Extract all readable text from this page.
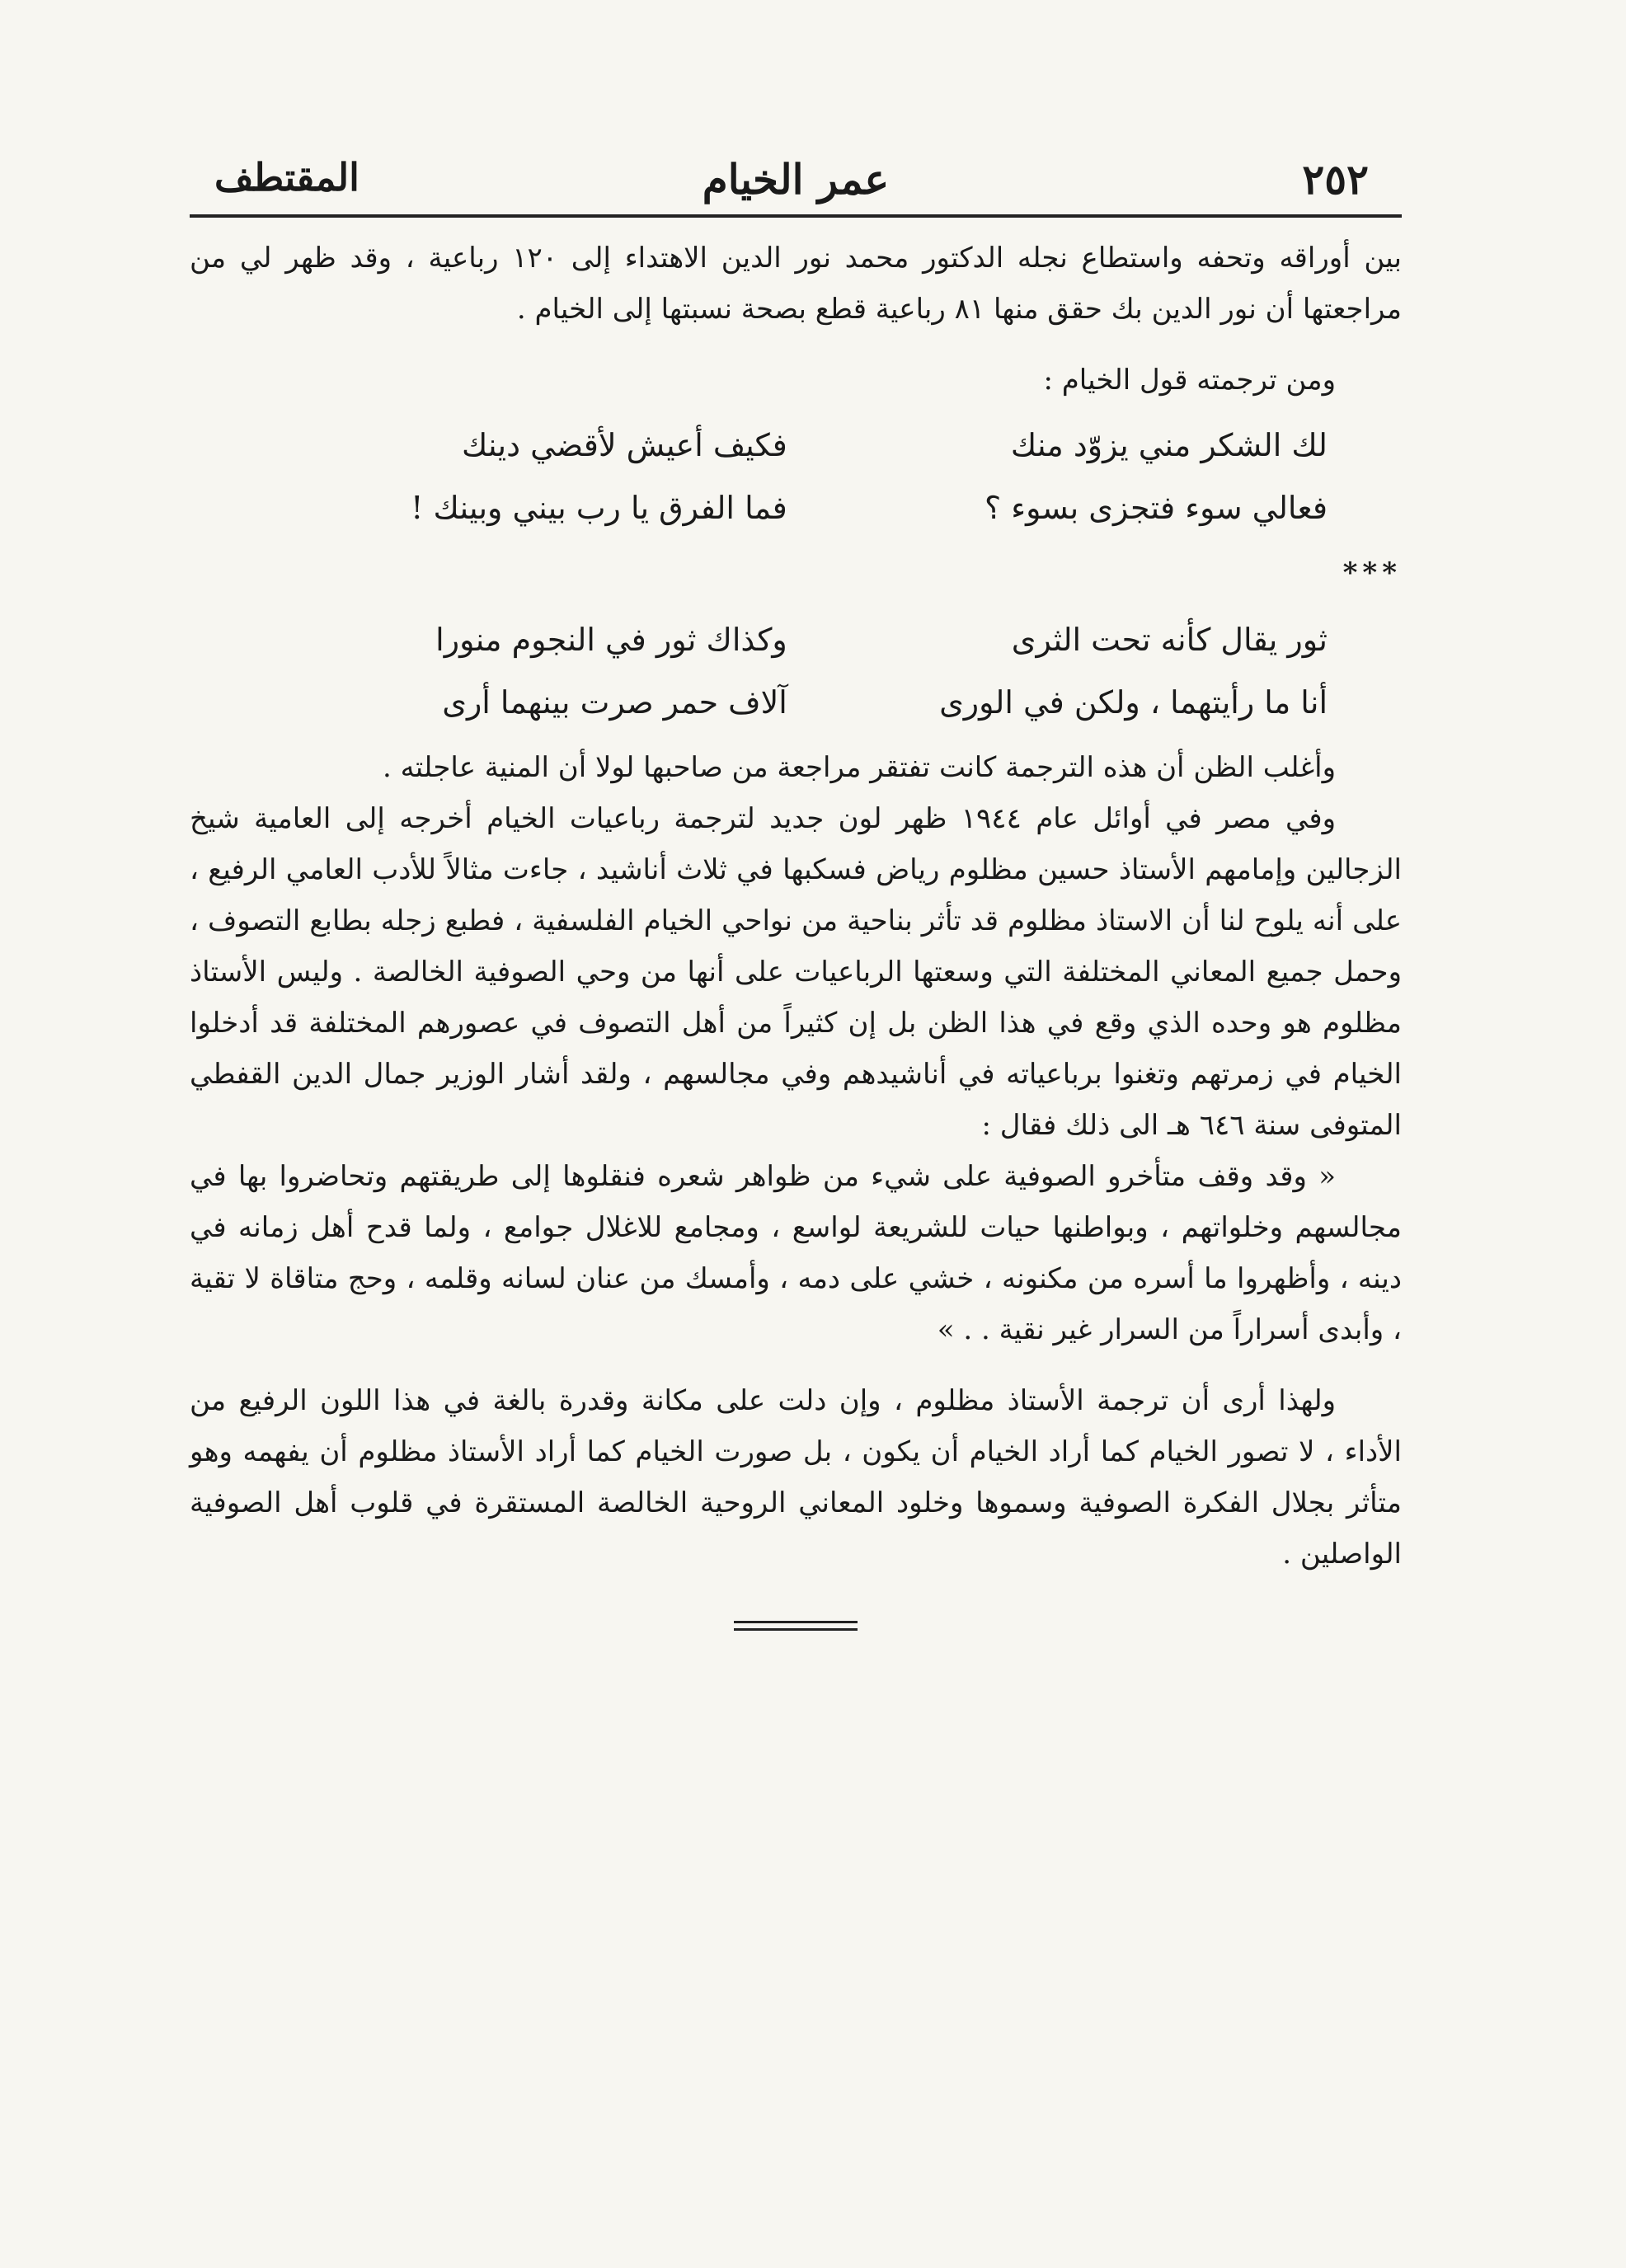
٢٥٢
عمر الخيام
المقتطف

بين أوراقه وتحفه واستطاع نجله الدكتور محمد نور الدين الاهتداء إلى ١٢٠ رباعية ، وقد ظهر لي من مراجعتها أن نور الدين بك حقق منها ٨١ رباعية قطع بصحة نسبتها إلى الخيام .

ومن ترجمته قول الخيام :

لك الشكر مني يزوّد منك
فكيف أعيش لأقضي دينك
فعالي سوء فتجزى بسوء ؟
فما الفرق يا رب بيني وبينك !
***
ثور يقال كأنه تحت الثرى
وكذاك ثور في النجوم منورا
أنا ما رأيتهما ، ولكن في الورى
آلاف حمر صرت بينهما أرى

وأغلب الظن أن هذه الترجمة كانت تفتقر مراجعة من صاحبها لولا أن المنية عاجلته .

وفي مصر في أوائل عام ١٩٤٤ ظهر لون جديد لترجمة رباعيات الخيام أخرجه إلى العامية شيخ الزجالين وإمامهم الأستاذ حسين مظلوم رياض فسكبها في ثلاث أناشيد ، جاءت مثالاً للأدب العامي الرفيع ، على أنه يلوح لنا أن الاستاذ مظلوم قد تأثر بناحية من نواحي الخيام الفلسفية ، فطبع زجله بطابع التصوف ، وحمل جميع المعاني المختلفة التي وسعتها الرباعيات على أنها من وحي الصوفية الخالصة . وليس الأستاذ مظلوم هو وحده الذي وقع في هذا الظن بل إن كثيراً من أهل التصوف في عصورهم المختلفة قد أدخلوا الخيام في زمرتهم وتغنوا برباعياته في أناشيدهم وفي مجالسهم ، ولقد أشار الوزير جمال الدين القفطي المتوفى سنة ٦٤٦ هـ الى ذلك فقال :

« وقد وقف متأخرو الصوفية على شيء من ظواهر شعره فنقلوها إلى طريقتهم وتحاضروا بها في مجالسهم وخلواتهم ، وبواطنها حيات للشريعة لواسع ، ومجامع للاغلال جوامع ، ولما قدح أهل زمانه في دينه ، وأظهروا ما أسره من مكنونه ، خشي على دمه ، وأمسك من عنان لسانه وقلمه ، وحج متاقاة لا تقية ، وأبدى أسراراً من السرار غير نقية . . »

ولهذا أرى أن ترجمة الأستاذ مظلوم ، وإن دلت على مكانة وقدرة بالغة في هذا اللون الرفيع من الأداء ، لا تصور الخيام كما أراد الخيام أن يكون ، بل صورت الخيام كما أراد الأستاذ مظلوم أن يفهمه وهو متأثر بجلال الفكرة الصوفية وسموها وخلود المعاني الروحية الخالصة المستقرة في قلوب أهل الصوفية الواصلين .
